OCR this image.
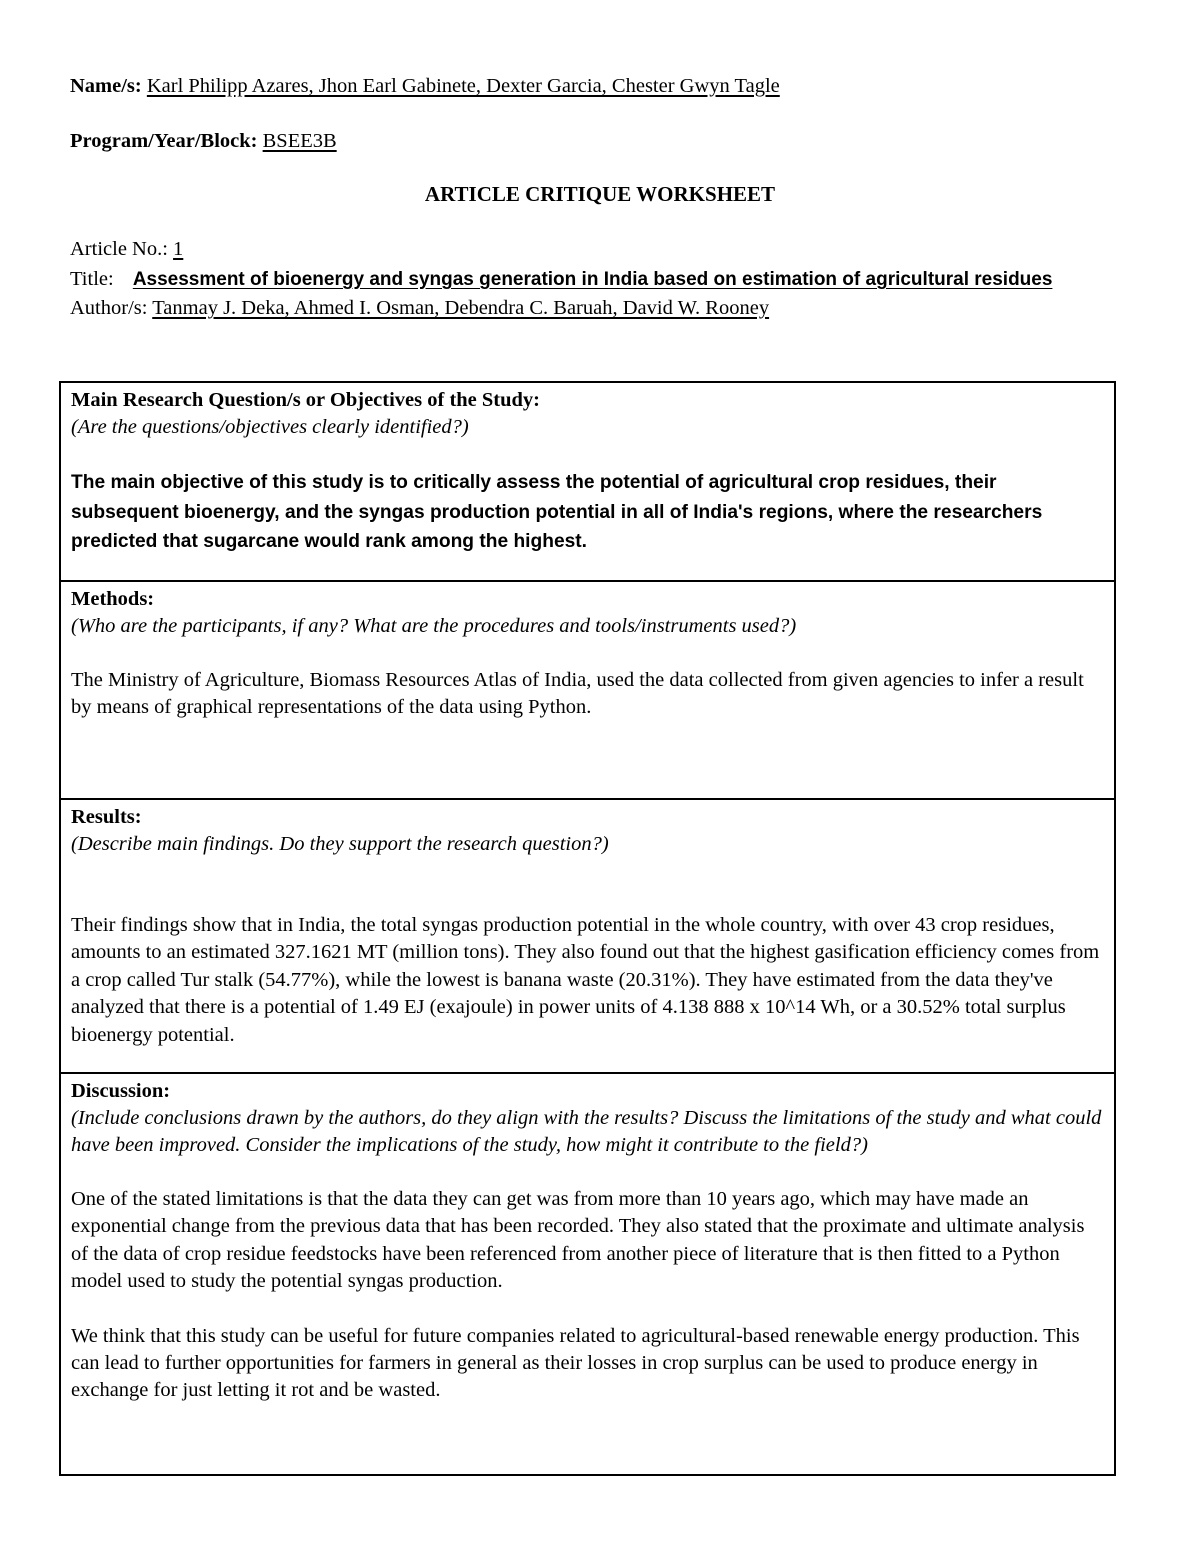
Name/s: Karl Philipp Azares, Jhon Earl Gabinete, Dexter Garcia, Chester Gwyn Tagle
Program/Year/Block: BSEE3B
ARTICLE CRITIQUE WORKSHEET
Article No.: 1
Title: Assessment of bioenergy and syngas generation in India based on estimation of agricultural residues
Author/s: Tanmay J. Deka, Ahmed I. Osman, Debendra C. Baruah, David W. Rooney
Main Research Question/s or Objectives of the Study:
(Are the questions/objectives clearly identified?)
The main objective of this study is to critically assess the potential of agricultural crop residues, their subsequent bioenergy, and the syngas production potential in all of India's regions, where the researchers predicted that sugarcane would rank among the highest.
Methods:
(Who are the participants, if any? What are the procedures and tools/instruments used?)
The Ministry of Agriculture, Biomass Resources Atlas of India, used the data collected from given agencies to infer a result by means of graphical representations of the data using Python.
Results:
(Describe main findings. Do they support the research question?)
Their findings show that in India, the total syngas production potential in the whole country, with over 43 crop residues, amounts to an estimated 327.1621 MT (million tons). They also found out that the highest gasification efficiency comes from a crop called Tur stalk (54.77%), while the lowest is banana waste (20.31%). They have estimated from the data they've analyzed that there is a potential of 1.49 EJ (exajoule) in power units of 4.138 888 x 10^14 Wh, or a 30.52% total surplus bioenergy potential.
Discussion:
(Include conclusions drawn by the authors, do they align with the results? Discuss the limitations of the study and what could have been improved. Consider the implications of the study, how might it contribute to the field?)
One of the stated limitations is that the data they can get was from more than 10 years ago, which may have made an exponential change from the previous data that has been recorded. They also stated that the proximate and ultimate analysis of the data of crop residue feedstocks have been referenced from another piece of literature that is then fitted to a Python model used to study the potential syngas production.
We think that this study can be useful for future companies related to agricultural-based renewable energy production. This can lead to further opportunities for farmers in general as their losses in crop surplus can be used to produce energy in exchange for just letting it rot and be wasted.
